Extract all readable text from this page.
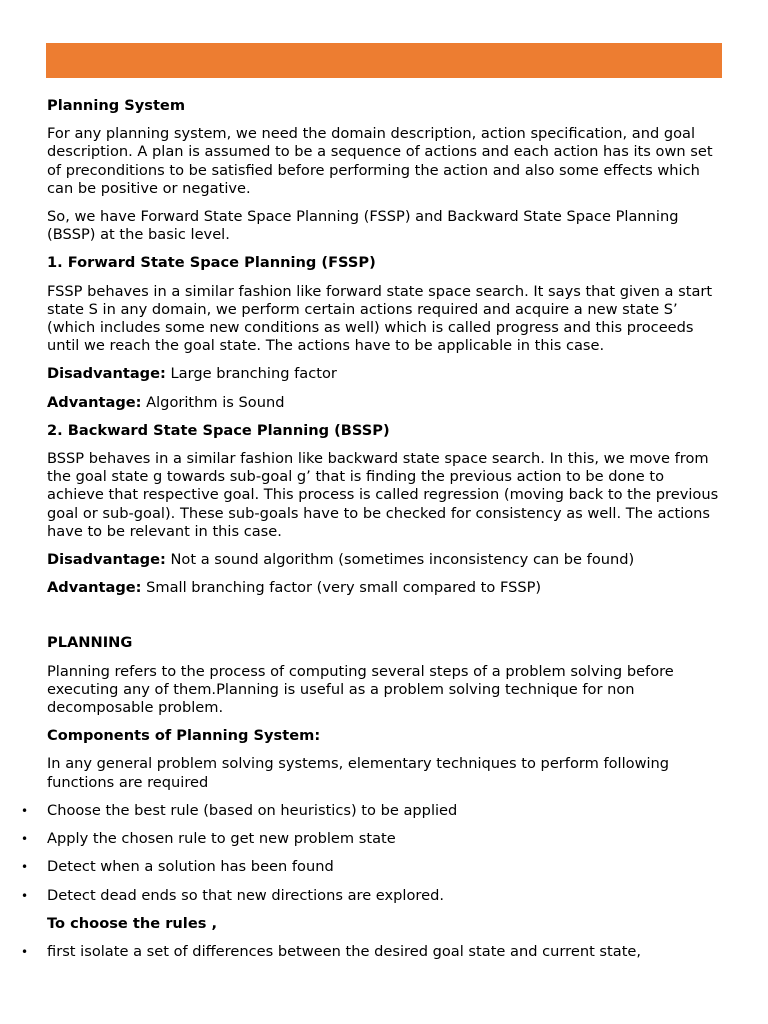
Planning System

For any planning system, we need the domain description, action specification, and goal description. A plan is assumed to be a sequence of actions and each action has its own set of preconditions to be satisfied before performing the action and also some effects which can be positive or negative.

So, we have Forward State Space Planning (FSSP) and Backward State Space Planning (BSSP) at the basic level.

1. Forward State Space Planning (FSSP)

FSSP behaves in a similar fashion like forward state space search. It says that given a start state S in any domain, we perform certain actions required and acquire a new state S’ (which includes some new conditions as well) which is called progress and this proceeds until we reach the goal state. The actions have to be applicable in this case.

Disadvantage: Large branching factor

Advantage: Algorithm is Sound

2. Backward State Space Planning (BSSP)

BSSP behaves in a similar fashion like backward state space search. In this, we move from the goal state g towards sub-goal g’ that is finding the previous action to be done to achieve that respective goal. This process is called regression (moving back to the previous goal or sub-goal). These sub-goals have to be checked for consistency as well. The actions have to be relevant in this case.

Disadvantage: Not a sound algorithm (sometimes inconsistency can be found)

Advantage: Small branching factor (very small compared to FSSP)

PLANNING

Planning refers to the process of computing several steps of a problem solving before executing any of them.Planning is useful as a problem solving technique for non decomposable problem.

Components of Planning System:

In any general problem solving systems, elementary techniques to perform following functions are required

• Choose the best rule (based on heuristics) to be applied
• Apply the chosen rule to get new problem state
• Detect when a solution has been found
• Detect dead ends so that new directions are explored.

To choose the rules ,

• first isolate a set of differences between the desired goal state and current state,
